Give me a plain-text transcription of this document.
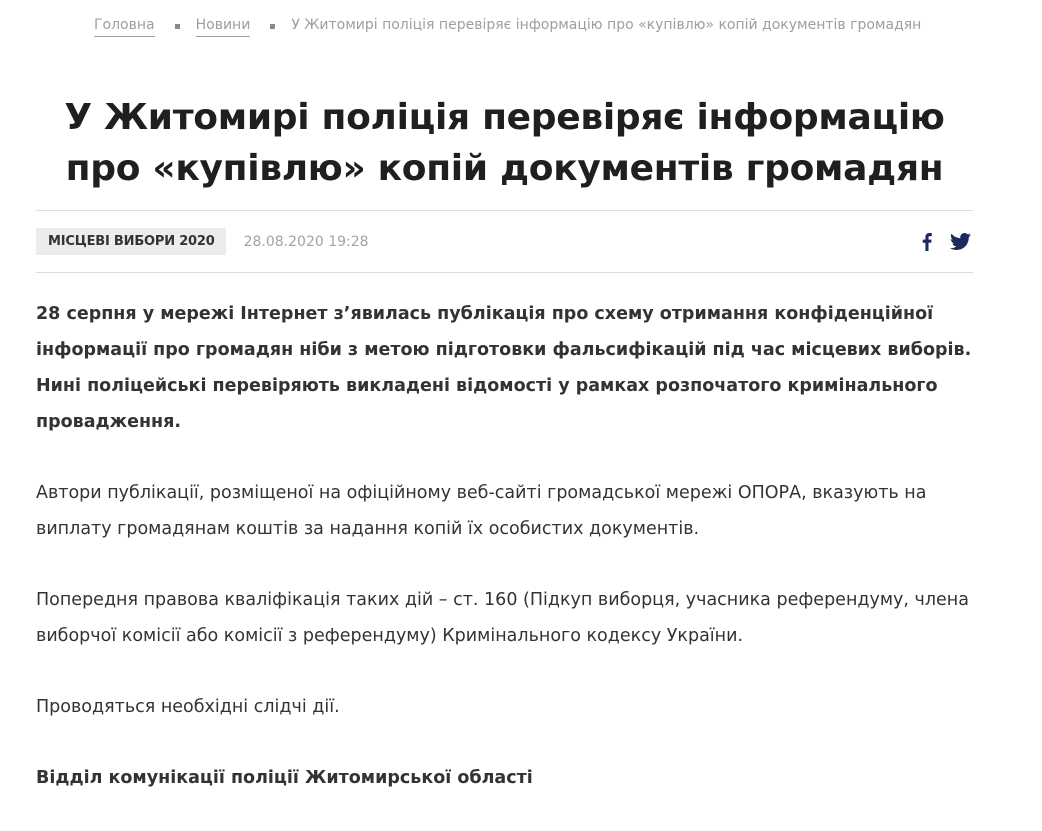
Головна	Новини	У Житомирі поліція перевіряє інформацію про «купівлю» копій документів громадян
У Житомирі поліція перевіряє інформацію про «купівлю» копій документів громадян
МІСЦЕВІ ВИБОРИ 2020	28.08.2020 19:28

28 серпня у мережі Інтернет з’явилась публікація про схему отримання конфіденційної інформації про громадян ніби з метою підготовки фальсифікацій під час місцевих виборів. Нині поліцейські перевіряють викладені відомості у рамках розпочатого кримінального провадження.

Автори публікації, розміщеної на офіційному веб-сайті громадської мережі ОПОРА, вказують на виплату громадянам коштів за надання копій їх особистих документів.

Попередня правова кваліфікація таких дій – ст. 160 (Підкуп виборця, учасника референдуму, члена виборчої комісії або комісії з референдуму) Кримінального кодексу України.

Проводяться необхідні слідчі дії.

Відділ комунікації поліції Житомирської області
